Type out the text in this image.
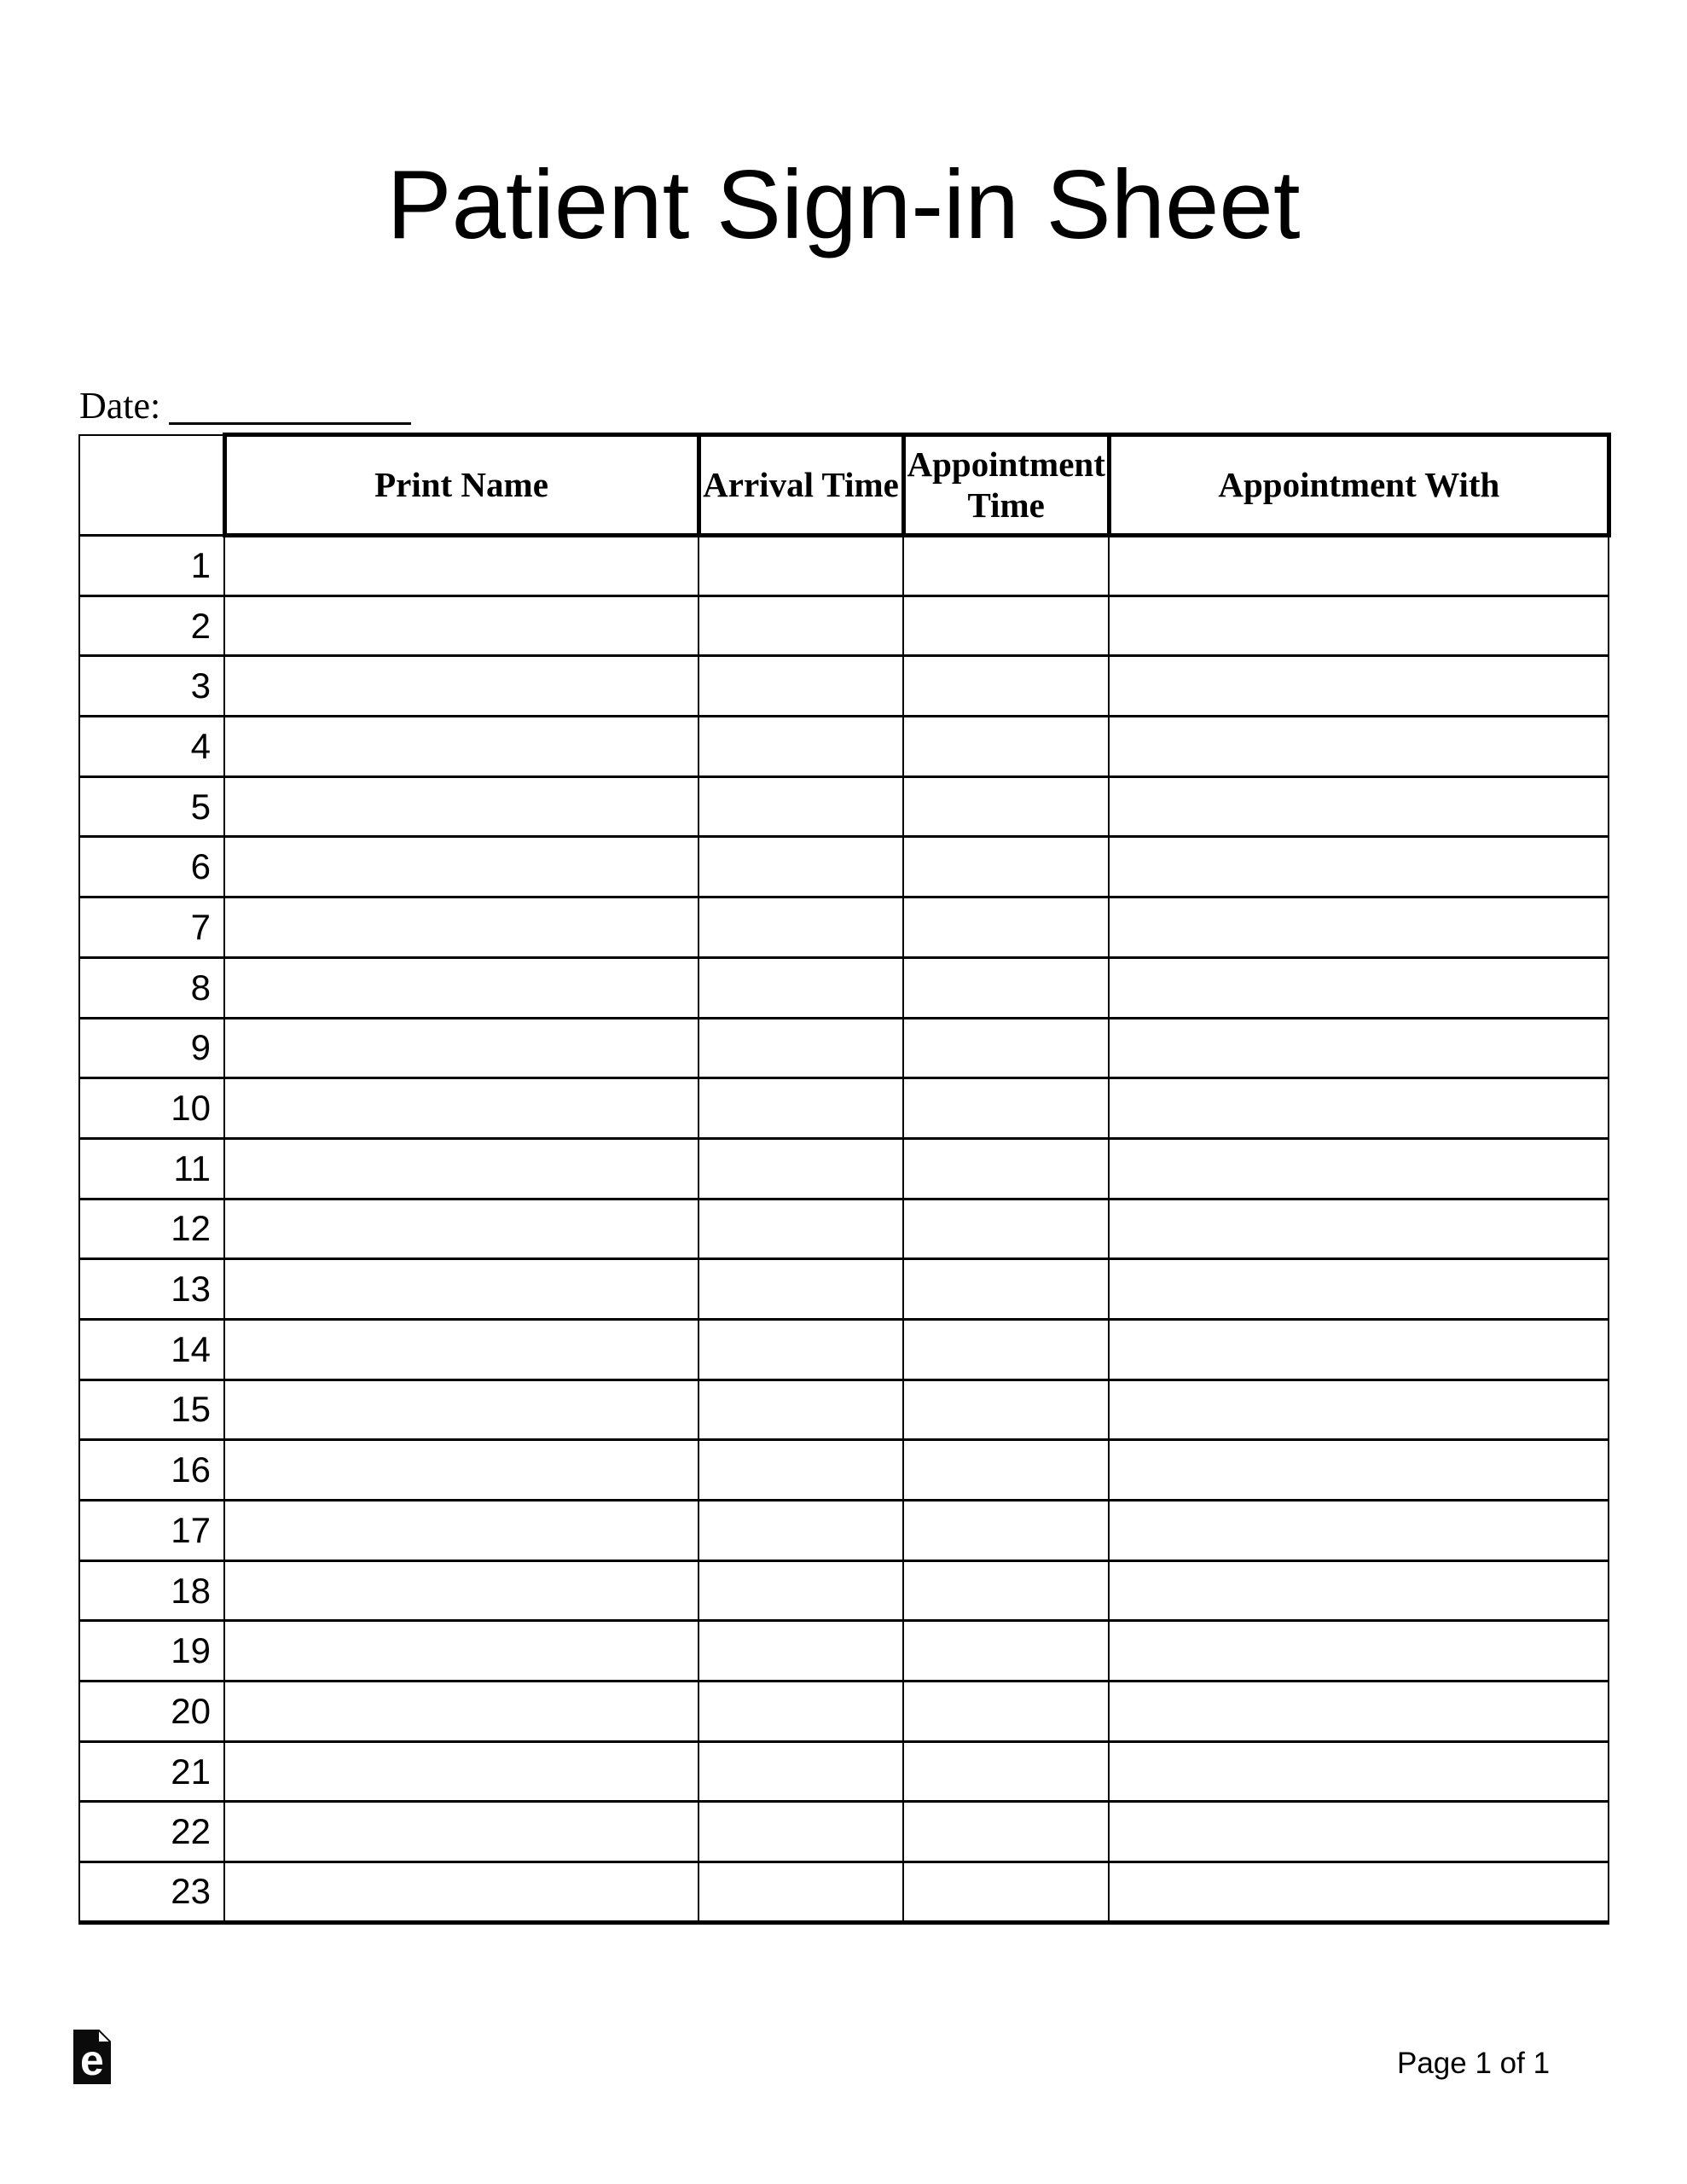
Patient Sign-in Sheet
Date:
	Print Name	Arrival Time	Appointment Time	Appointment With
1				
2				
3				
4				
5				
6				
7				
8				
9				
10				
11				
12				
13				
14				
15				
16				
17				
18				
19				
20				
21				
22				
23				
e	Page 1 of 1
